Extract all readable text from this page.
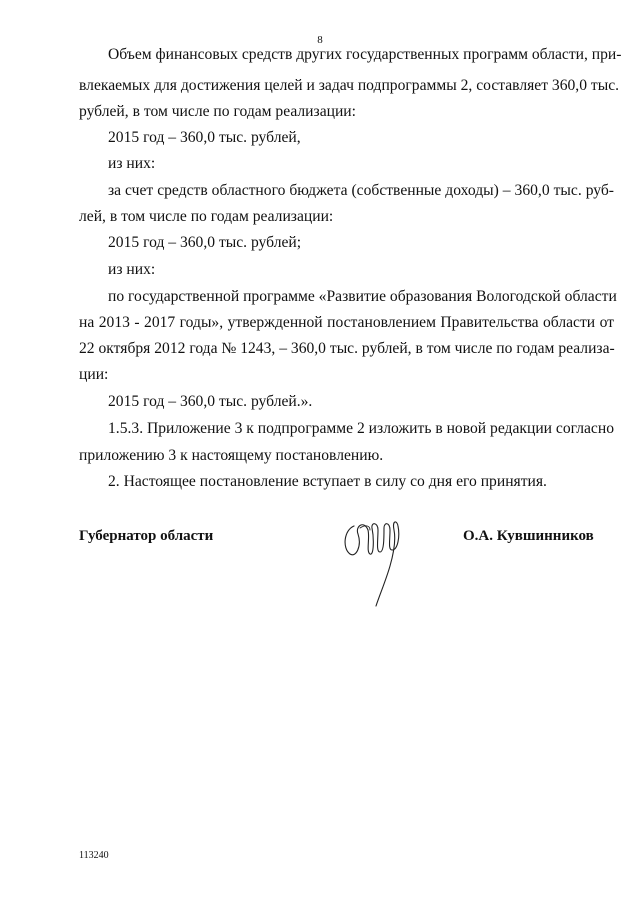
8
Объем финансовых средств других государственных программ области, при-
влекаемых для достижения целей и задач подпрограммы 2, составляет 360,0 тыс.
рублей, в том числе по годам реализации:
2015 год – 360,0 тыс. рублей,
из них:
за счет средств областного бюджета (собственные доходы) – 360,0 тыс. руб-
лей, в том числе по годам реализации:
2015 год – 360,0 тыс. рублей;
из них:
по государственной программе «Развитие образования Вологодской области
на 2013 - 2017 годы», утвержденной постановлением Правительства области от
22 октября 2012 года № 1243, – 360,0 тыс. рублей, в том числе по годам реализа-
ции:
2015 год – 360,0 тыс. рублей.».
1.5.3. Приложение 3 к подпрограмме 2 изложить в новой редакции согласно
приложению 3 к настоящему постановлению.
2. Настоящее постановление вступает в силу со дня его принятия.
Губернатор области	О.А. Кувшинников
113240
